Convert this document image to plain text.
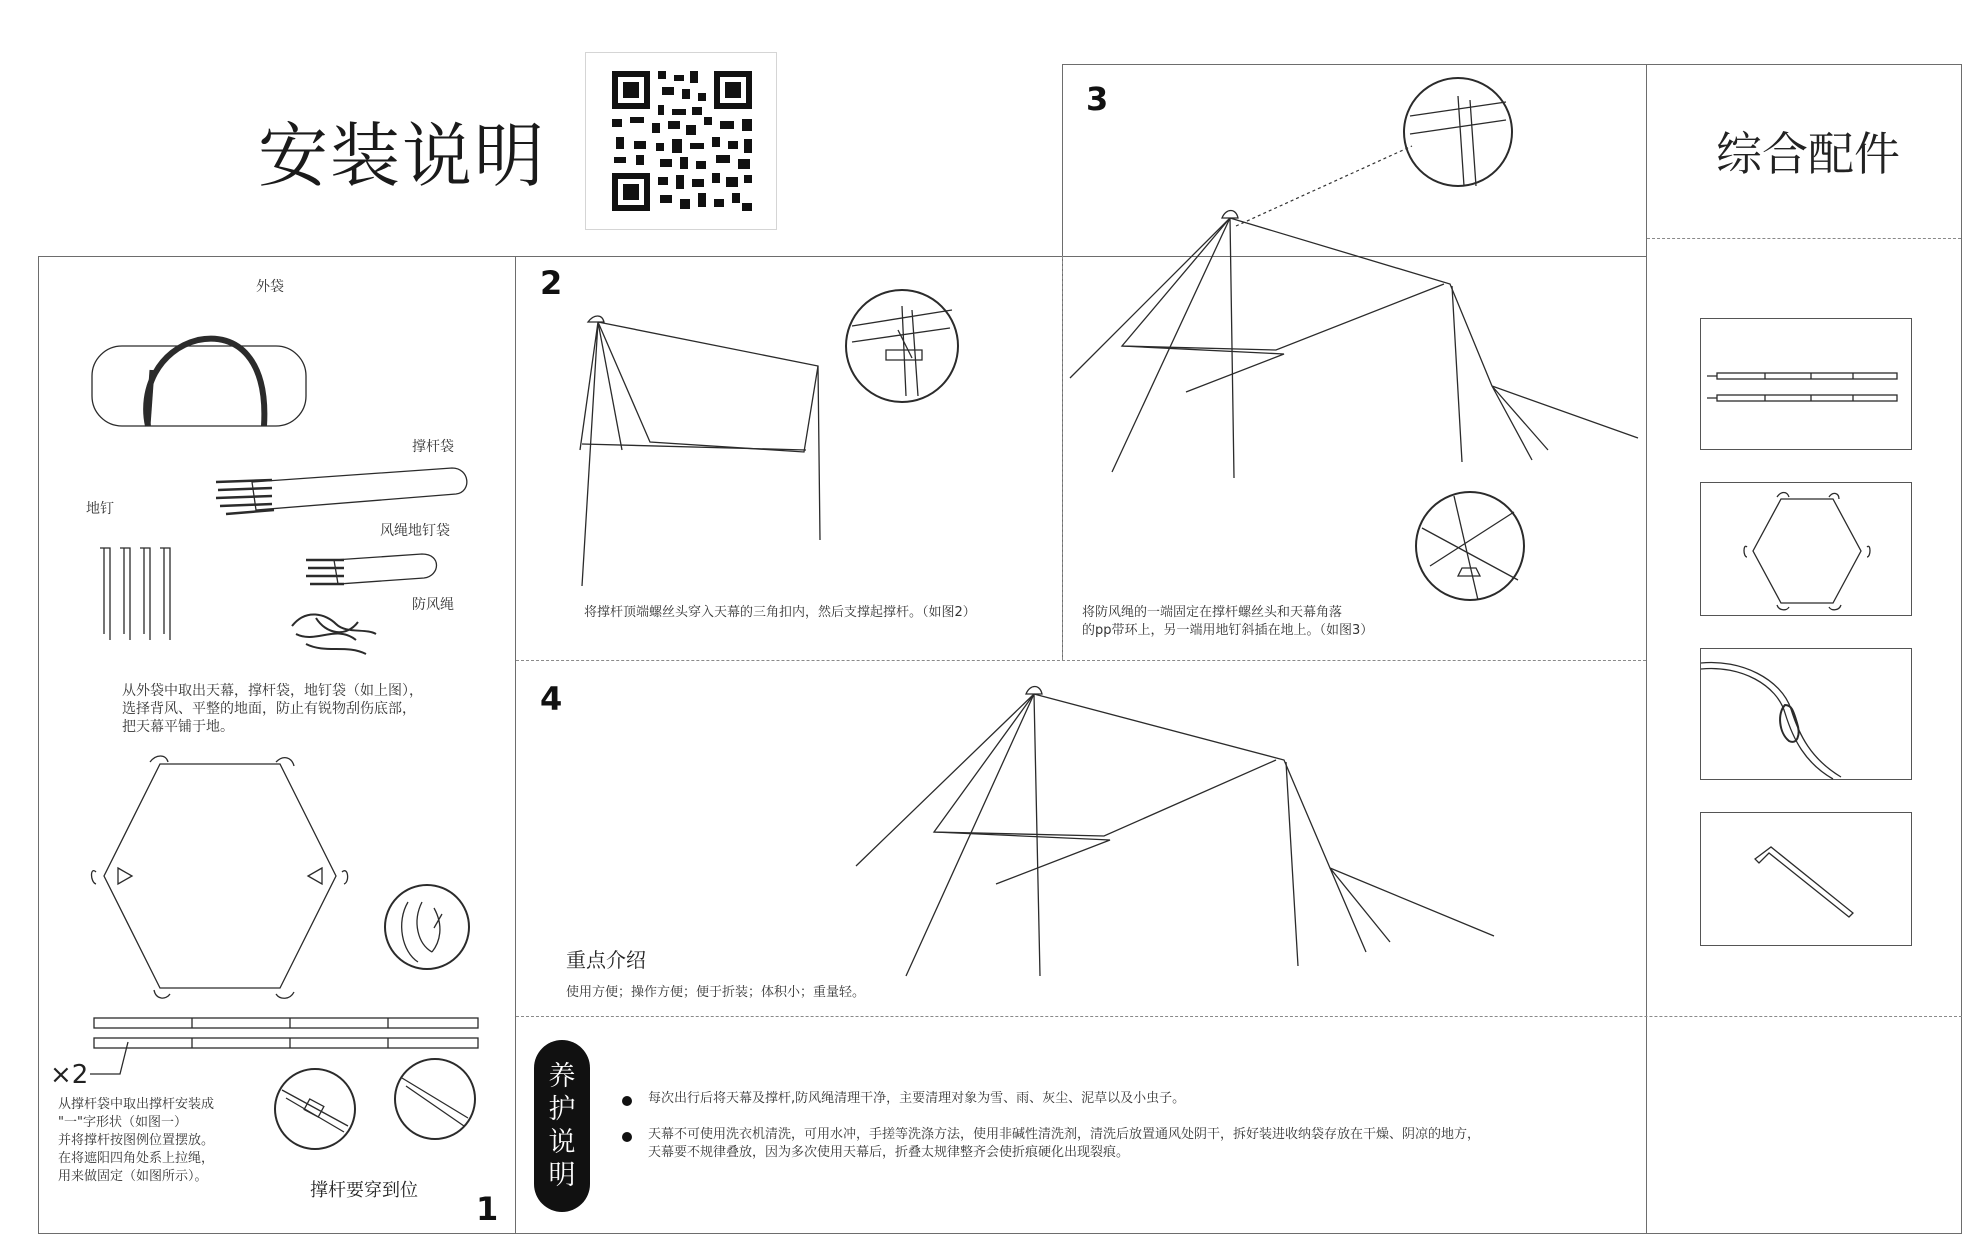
安装说明
外袋
撑杆袋
地钉
风绳地钉袋
防风绳
从外袋中取出天幕，撑杆袋，地钉袋（如上图），
选择背风、平整的地面，防止有锐物刮伤底部，
把天幕平铺于地。
×2
从撑杆袋中取出撑杆安装成
"一"字形状（如图一）
并将撑杆按图例位置摆放。
在将遮阳四角处系上拉绳，
用来做固定（如图所示）。
撑杆要穿到位 1
2
将撑杆顶端螺丝头穿入天幕的三角扣内，然后支撑起撑杆。（如图2）
3
将防风绳的一端固定在撑杆螺丝头和天幕角落
的pp带环上，另一端用地钉斜插在地上。（如图3）
4
重点介绍
使用方便；操作方便；便于折装；体积小；重量轻。
养
护
说
明
每次出行后将天幕及撑杆,防风绳清理干净，主要清理对象为雪、雨、灰尘、泥草以及小虫子。
天幕不可使用洗衣机清洗，可用水冲，手搓等洗涤方法，使用非碱性清洗剂，清洗后放置通风处阴干，拆好装进收纳袋存放在干燥、阴凉的地方，
天幕要不规律叠放，因为多次使用天幕后，折叠太规律整齐会使折痕硬化出现裂痕。
综合配件
